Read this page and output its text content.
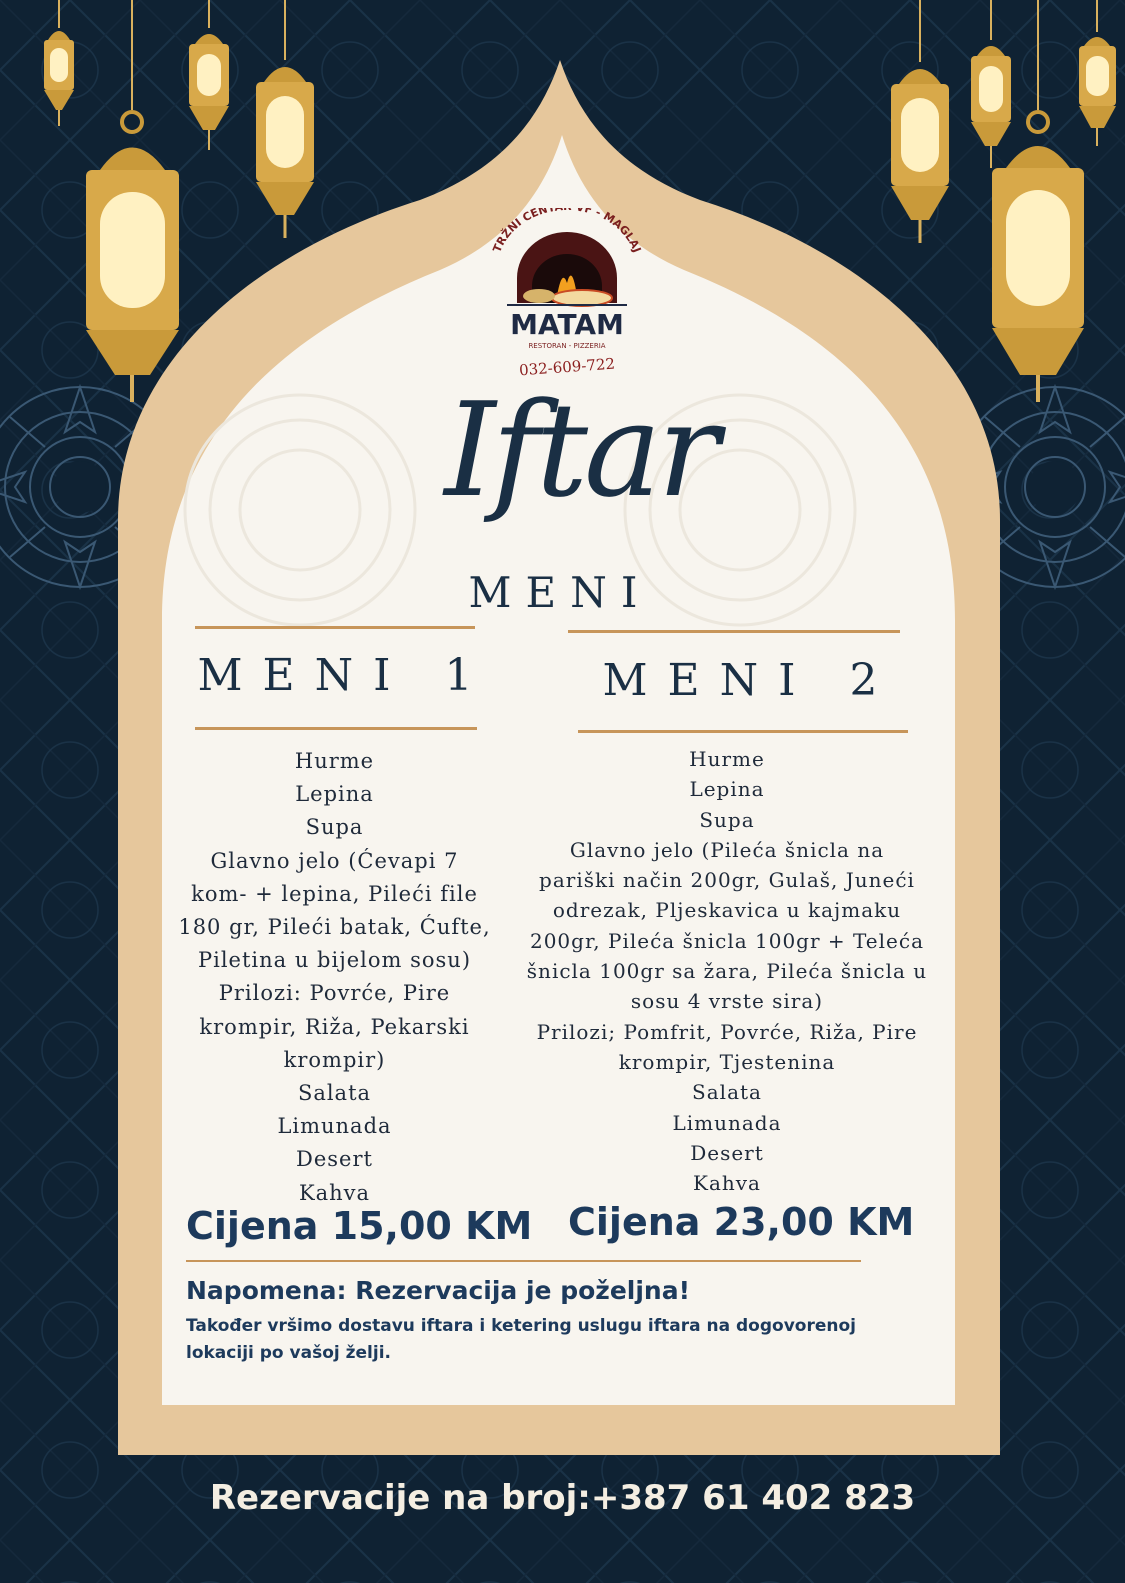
TRŽNI CENT F - MAGLAJ
MATAM
RESTORAN - PIZZERIA
032-609-722
Iftar
MENI
MENI 1 MENI 2
Hurme
Lepina
Supa
Glavno jelo (Ćevapi 7
kom- + lepina, Pileći file
180 gr, Pileći batak, Ćufte,
Piletina u bijelom sosu)
Prilozi: Povrće, Pire
krompir, Riža, Pekarski
krompir)
Salata
Limunada
Desert
Kahva
Hurme
Lepina
Supa
Glavno jelo (Pileća šnicla na
pariški način 200gr, Gulaš, Juneći
odrezak, Pljeskavica u kajmaku
200gr, Pileća šnicla 100gr + Teleća
šnicla 100gr sa žara, Pileća šnicla u
sosu 4 vrste sira)
Prilozi; Pomfrit, Povrće, Riža, Pire
krompir, Tjestenina
Salata
Limunada
Desert
Kahva
Cijena 15,00 KM Cijena 23,00 KM
Napomena: Rezervacija je poželjna!
Također vršimo dostavu iftara i ketering uslugu iftara na dogovorenoj lokaciji po vašoj želji.
Rezervacije na broj:+387 61 402 823
